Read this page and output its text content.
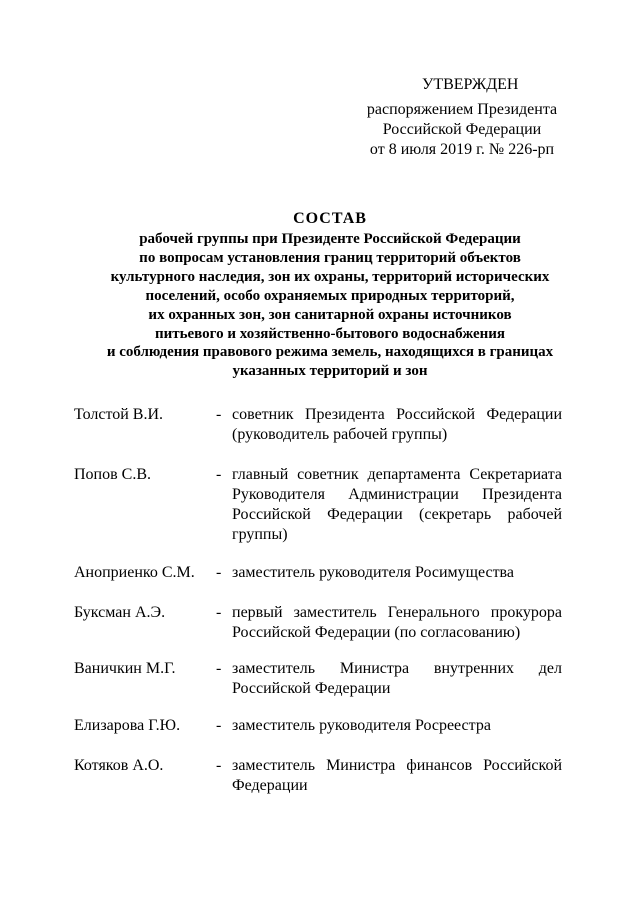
УТВЕРЖДЕН
распоряжением Президента
Российской Федерации
от 8 июля 2019 г. № 226-рп
СОСТАВ
рабочей группы при Президенте Российской Федерации
по вопросам установления границ территорий объектов
культурного наследия, зон их охраны, территорий исторических
поселений, особо охраняемых природных территорий,
их охранных зон, зон санитарной охраны источников
питьевого и хозяйственно-бытового водоснабжения
и соблюдения правового режима земель, находящихся в границах
указанных территорий и зон
Толстой В.И.	- советник Президента Российской Федерации
(руководитель рабочей группы)
Попов С.В.	- главный советник департамента Секретариата
Руководителя Администрации Президента
Российской Федерации (секретарь рабочей
группы)
Аноприенко С.М. - заместитель руководителя Росимущества
Буксман А.Э.	- первый заместитель Генерального прокурора
Российской Федерации (по согласованию)
Ваничкин М.Г.	- заместитель Министра внутренних дел
Российской Федерации
Елизарова Г.Ю. - заместитель руководителя Росреестра
Котяков А.О.	- заместитель Министра финансов Российской
Федерации
